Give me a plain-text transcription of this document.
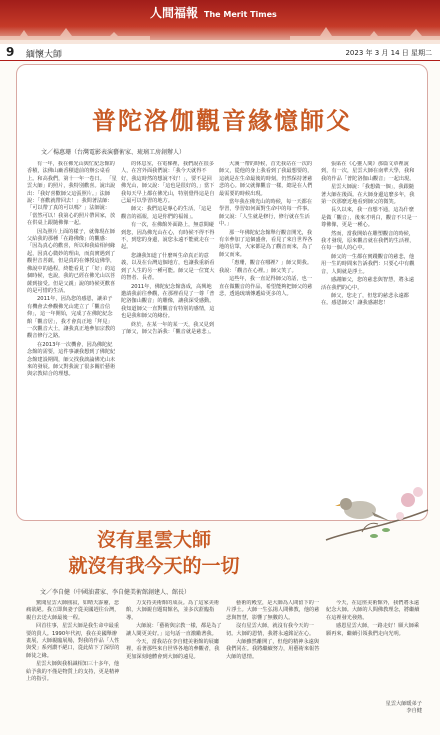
人間福報 The Merit Times
9 緬懷大師	2023 年 3 月 14 日 星期二
普陀洛伽觀音緣憶師父
文／楊惠珊（台灣電影表演藝術家、琉璃工房創辦人）

有一年，我在佛光山與忙紀念館的香積，法佛山廠香積道前的辦公桌看上。和高我們，第十一年一卷日。 「星雲大師」的照片，我特別歡喜。說出說出：「我好喜歡師父這張照片。」法師說：「喜歡就帶回去！」我問著法師：「可以帶了真的可以嗎？」法師說：「當然可以！我第心的照片帶回家，放在供桌上跟隨佛像一起。

因為照片上面的樣子，就像現在師父給我的那種「在路佛像」的觀感：「因為真心的歡喜，所以和我給相何緣起，因真心微妙的理由，而真實遇到了觀世音菩薩，但是真的在傳授這佛學，佛說中的過程，終能看見了「好」的這個時候，也說，我的已經在佛光山以菩薩到接受。但是父親」說的時候更歡喜的是可惜的生活。

2011年，因為您的感恩，讓弟子有機會去參觀佛光山建立了「觀音信仰」，這一年開始，完成了在佛陀紀念館「觀音居」，我才會真正地「拜見」一次觀音大士，讓我真正地參加宗教的觀音修行之路。

在2013年一次機會，因為佛陀紀念館的需要，這件事讓我想到了佛陀紀念館建設期間，師父找我談論佛光山未來的發展。師父對我說了很多關於藝術與宗教結合的理想。

的休息室，在電梯裡，我們說在很多人，在宮外面我們說：「我今天就得不好，我這時然的想說不好！」，要不是回佛光山，師父說：「這也是很好的，」當下我每天早上都在佛光山，特別覺得這是自己最可以學習的地方。

師父：我們這是專心的生活，「這是觀音的福報，這是你們的福報」。

有一次，在佛館外面路上，無意間碰到您，因為佛光山在心，有時候不得不得不，到您的身邊，說您永遠不能就走在一起。

您讓我知道了什麼叫生命真正的意義，以及在台灣這個地方，也讓我重新看到了人生的另一種可能。師父是一位寬大的智者、長者。

2011年，佛陀紀念館落成，高興地邀請我前往參觀，在那裡看見了一尊「普陀洛伽山觀音」的雕像，讓我深受感動。我知道師父一直對觀音有特別的感情，這也是我和師父的緣份。

終於，在某一年的某一天，我又見到了師父，師父告訴我：「觀音就是慈悲」。

大溪一帶的時候，首先我站在一次的師父，從他的身上我看到了我最想要的，這就是在生命最後的時刻，仍然保持著慈悲的心。師父就像觀音一樣，總是在人們最需要的時候出現。

當年我在佛光山的時候，每一天都在學習，學習如何面對生命中的每一件事。師父說：「人生就是修行，修行就在生活中。」

那一年佛陀紀念館舉行觀音開光，我有幸參加了這個盛會，看見了來自世界各地的信眾，大家都是為了觀音而來，為了師父而來。

「惠珊，觀音在哪裡？」師父問我。我說：「觀音在心裡。」師父笑了。

這些年，我一直記得師父的話，也一直在做觀音的作品，希望能夠把師父的慈悲，透過琉璃傳遞給更多的人。

張貼在《心靈人間》那篇文章裡說到，有一次，星雲大師在南華大學，我和我的作品「普陀洛伽山觀音」一起出現。

星雲大師說：「我想做一個」，我跟隨著大師在後面。在大師身邊這麼多年，我第一次那麼近地看到師父的微笑。

長久以來，我一直想不通，這為什麼是做「觀音」，後來才明白，觀音不只是一尊佛像，更是一種心。

然而，當我開始在雕塑觀音的時候，我才發現，原來觀音就在我們的生活裡，在每一個人的心中。

師父的一生都在實踐觀音的慈悲，他用一生的時間來告訴我們：只要心中有觀音，人間就是淨土。

感謝師父，您的慈悲與智慧，將永遠活在我們的心中。

師父，您走了，但您的慈悲永遠都在。感恩師父！讓我感謝您！

沒有星雲大師
就沒有我今天的一切
文／李自健（中國油畫家、李自健美術館創建人、館長）

驚聞星雲大師圓寂，如晴天霹靂，悲痛欲絕。我立即與妻子從美國趕往台灣，親自去送大師最後一程。

回首往事，星雲大師是我生命中最重要的貴人。1990年代初，我在美國舉辦畫展，大師親臨展場，對我的作品「人性與愛」系列讚不絕口，從此結下了深厚的師徒之緣。

星雲大師與我相識相知三十多年，他給予我的不僅是物質上的支持，更是精神上的指引。

力支持美術館的成長。為了這家美術館，大師親自題寫館名，並多次蒞臨指導。

大師說：「藝術與宗教一樣，都是為了讓人間更美好。」這句話一直激勵著我。

今天，當我站在李自健美術館的展廳裡，看著那些來自世界各地的參觀者，我更加深刻地體會到大師的遠見。

藝術的殿堂，是大師為人間留下的一片淨土。大師一生弘揚人間佛教，他的慈悲與智慧，影響了無數的人。

沒有星雲大師，就沒有我今天的一切。大師的恩情，我將永遠銘記在心。

大師雖然離開了，但他的精神永遠與我們同在。我將繼續努力，用藝術來報答大師的恩情。

今天，在這座美術館外，我們將永遠紀念大師。大師的人間佛教理念，將繼續在這裡發光發熱。

感恩星雲大師，一路走好！願大師乘願再來，繼續引領我們走向光明。

星雲大師暖弟子
李自健
